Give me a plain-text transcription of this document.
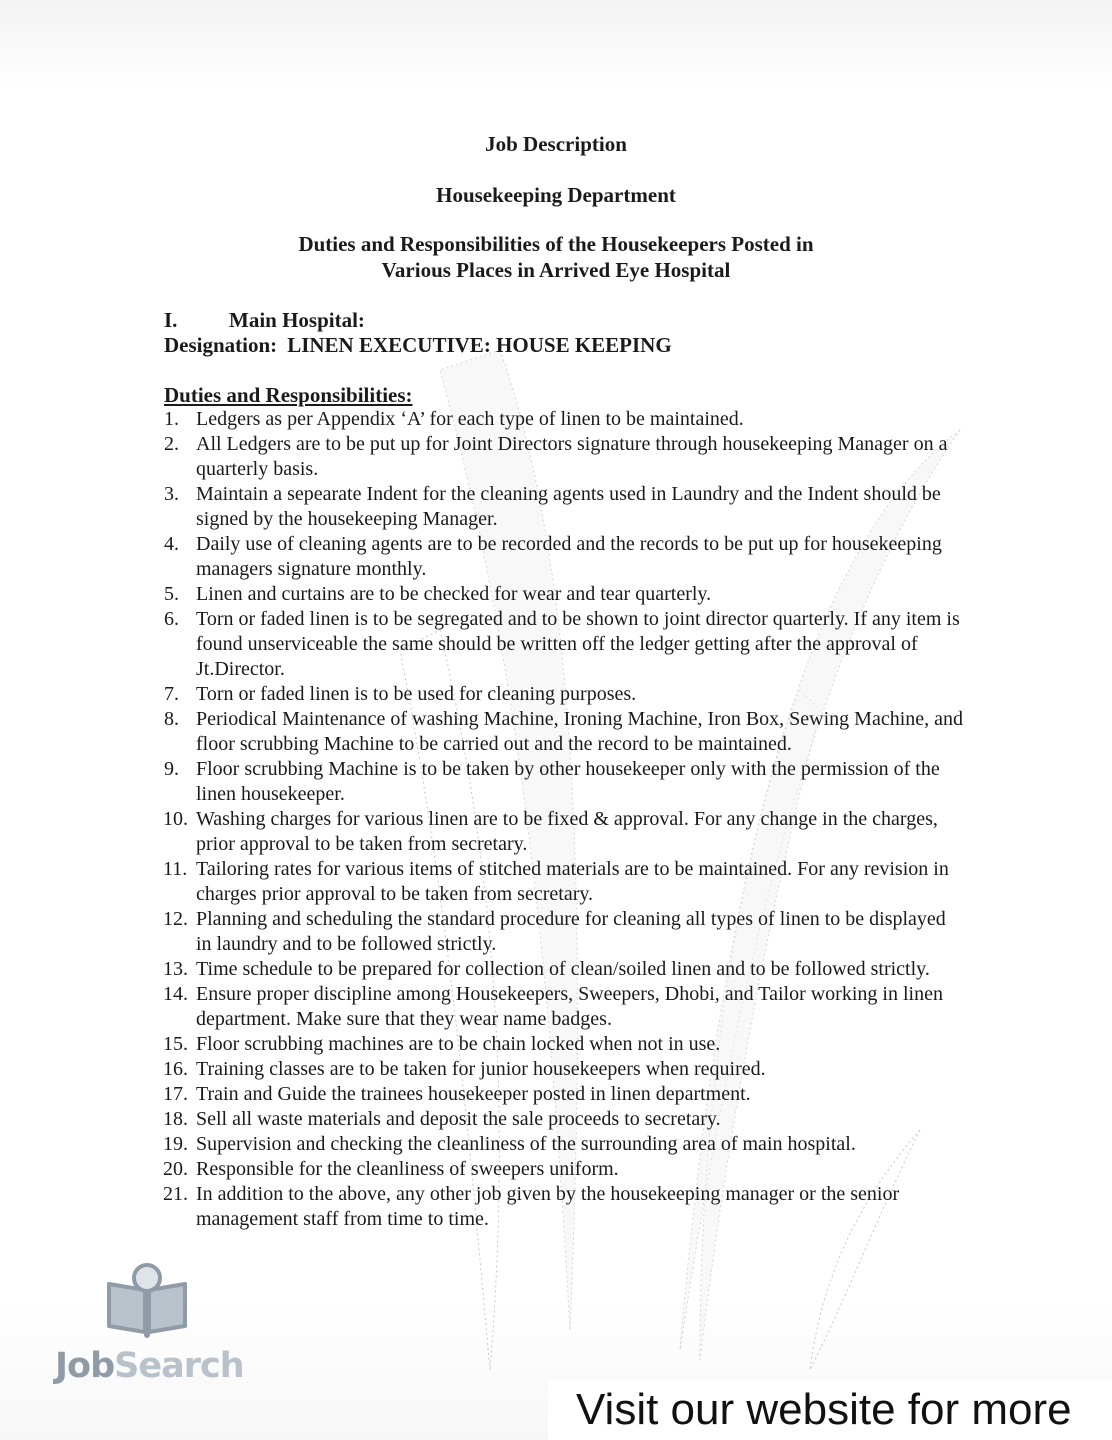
Job Description
Housekeeping Department
Duties and Responsibilities of the Housekeepers Posted in
Various Places in Arrived Eye Hospital
I. Main Hospital:
Designation: LINEN EXECUTIVE: HOUSE KEEPING
Duties and Responsibilities:
1. Ledgers as per Appendix ‘A’ for each type of linen to be maintained.
2. All Ledgers are to be put up for Joint Directors signature through housekeeping Manager on a quarterly basis.
3. Maintain a sepearate Indent for the cleaning agents used in Laundry and the Indent should be signed by the housekeeping Manager.
4. Daily use of cleaning agents are to be recorded and the records to be put up for housekeeping managers signature monthly.
5. Linen and curtains are to be checked for wear and tear quarterly.
6. Torn or faded linen is to be segregated and to be shown to joint director quarterly. If any item is found unserviceable the same should be written off the ledger getting after the approval of Jt.Director.
7. Torn or faded linen is to be used for cleaning purposes.
8. Periodical Maintenance of washing Machine, Ironing Machine, Iron Box, Sewing Machine, and floor scrubbing Machine to be carried out and the record to be maintained.
9. Floor scrubbing Machine is to be taken by other housekeeper only with the permission of the linen housekeeper.
10. Washing charges for various linen are to be fixed & approval. For any change in the charges, prior approval to be taken from secretary.
11. Tailoring rates for various items of stitched materials are to be maintained. For any revision in charges prior approval to be taken from secretary.
12. Planning and scheduling the standard procedure for cleaning all types of linen to be displayed in laundry and to be followed strictly.
13. Time schedule to be prepared for collection of clean/soiled linen and to be followed strictly.
14. Ensure proper discipline among Housekeepers, Sweepers, Dhobi, and Tailor working in linen department. Make sure that they wear name badges.
15. Floor scrubbing machines are to be chain locked when not in use.
16. Training classes are to be taken for junior housekeepers when required.
17. Train and Guide the trainees housekeeper posted in linen department.
18. Sell all waste materials and deposit the sale proceeds to secretary.
19. Supervision and checking the cleanliness of the surrounding area of main hospital.
20. Responsible for the cleanliness of sweepers uniform.
21. In addition to the above, any other job given by the housekeeping manager or the senior management staff from time to time.
JobSearch
Visit our website for more
